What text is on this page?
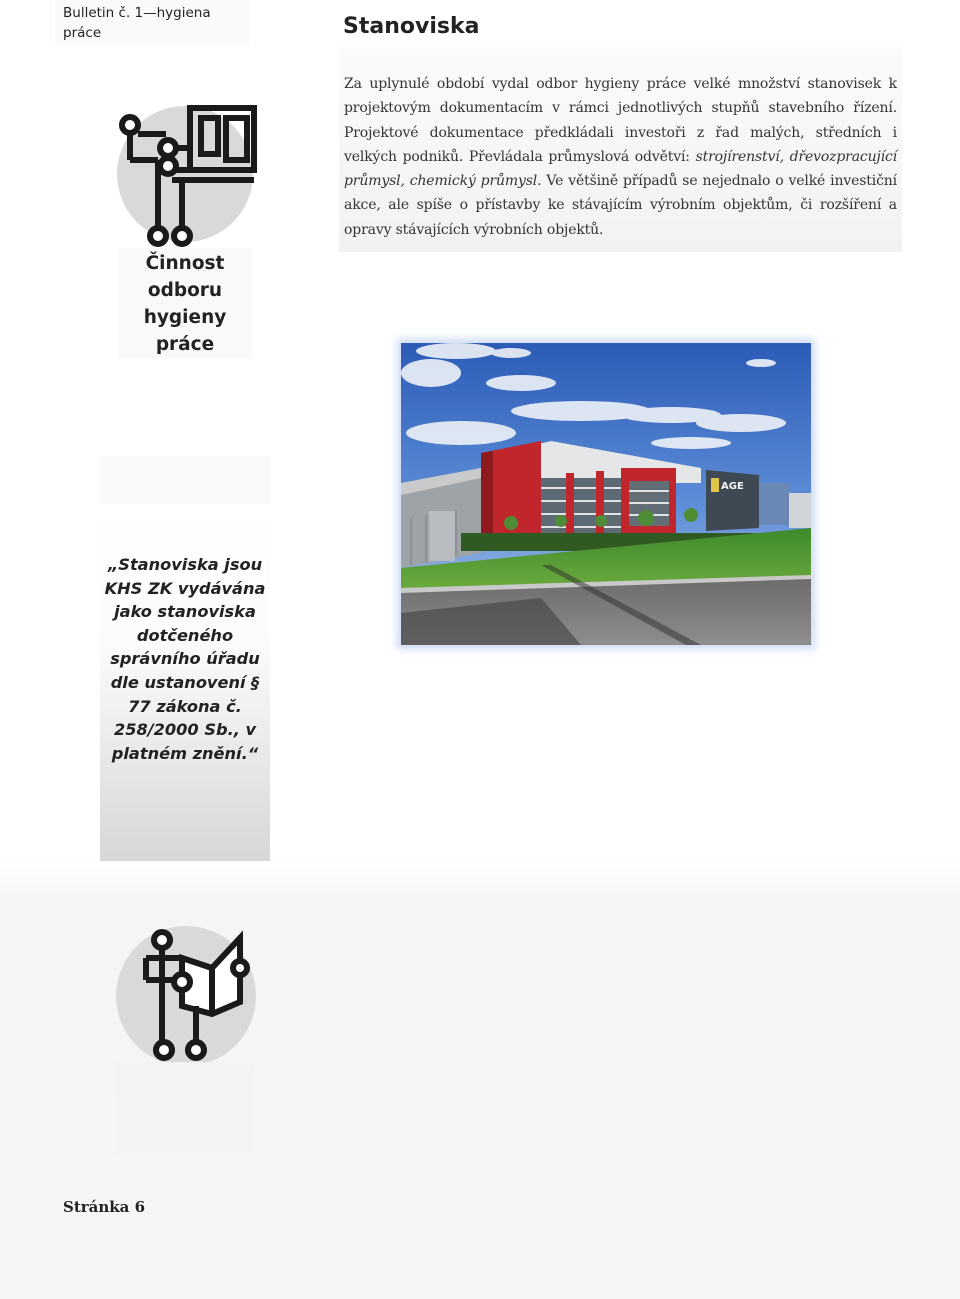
Bulletin č. 1—hygiena práce	Stanoviska

Za uplynulé období vydal odbor hygieny práce velké množství stanovisek k projektovým dokumentacím v rámci jednotlivých stupňů stavebního řízení. Projektové dokumentace předkládali investoři z řad malých, středních i velkých podniků. Převládala průmyslová odvětví: strojírenství, dřevozpracující průmysl, chemický průmysl. Ve většině případů se nejednalo o velké investiční akce, ale spíše o přístavby ke stávajícím výrobním objektům, či rozšíření a opravy stávajících výrobních objektů.

Činnost odboru hygieny práce
„Stanoviska jsou KHS ZK vydávána jako stanoviska dotčeného správního úřadu dle ustanovení § 77 zákona č. 258/2000 Sb., v platném znění.“
AGE
Stránka 6
